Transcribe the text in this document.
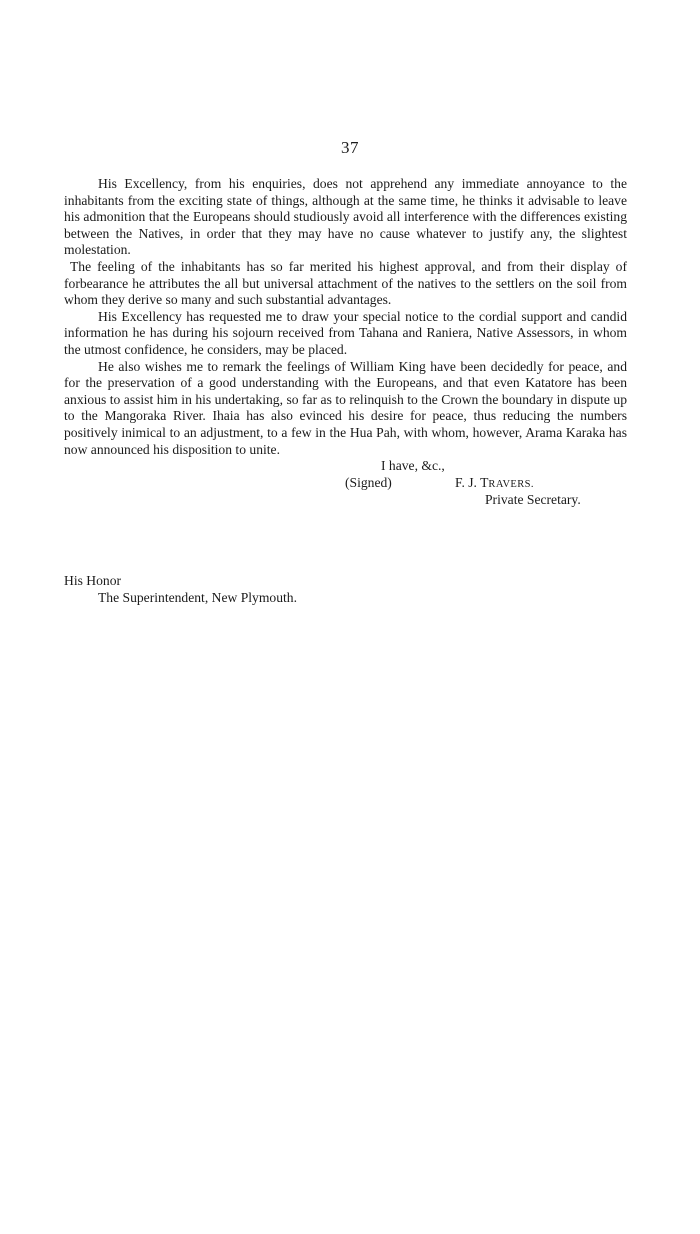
37

His Excellency, from his enquiries, does not apprehend any immediate annoyance to the inhabitants from the exciting state of things, although at the same time, he thinks it advisable to leave his admonition that the Europeans should studiously avoid all interference with the differences existing between the Natives, in order that they may have no cause whatever to justify any, the slightest molestation.

The feeling of the inhabitants has so far merited his highest approval, and from their display of forbearance he attributes the all but universal attachment of the natives to the settlers on the soil from whom they derive so many and such substantial advantages.

His Excellency has requested me to draw your special notice to the cordial support and candid information he has during his sojourn received from Tahana and Raniera, Native Assessors, in whom the utmost confidence, he considers, may be placed.

He also wishes me to remark the feelings of William King have been decidedly for peace, and for the preservation of a good understanding with the Europeans, and that even Katatore has been anxious to assist him in his undertaking, so far as to relinquish to the Crown the boundary in dispute up to the Mangoraka River. Ihaia has also evinced his desire for peace, thus reducing the numbers positively inimical to an adjustment, to a few in the Hua Pah, with whom, however, Arama Karaka has now announced his disposition to unite.

I have, &c.,
(Signed)	F. J. TRAVERS.
Private Secretary.
His Honor
The Superintendent, New Plymouth.
